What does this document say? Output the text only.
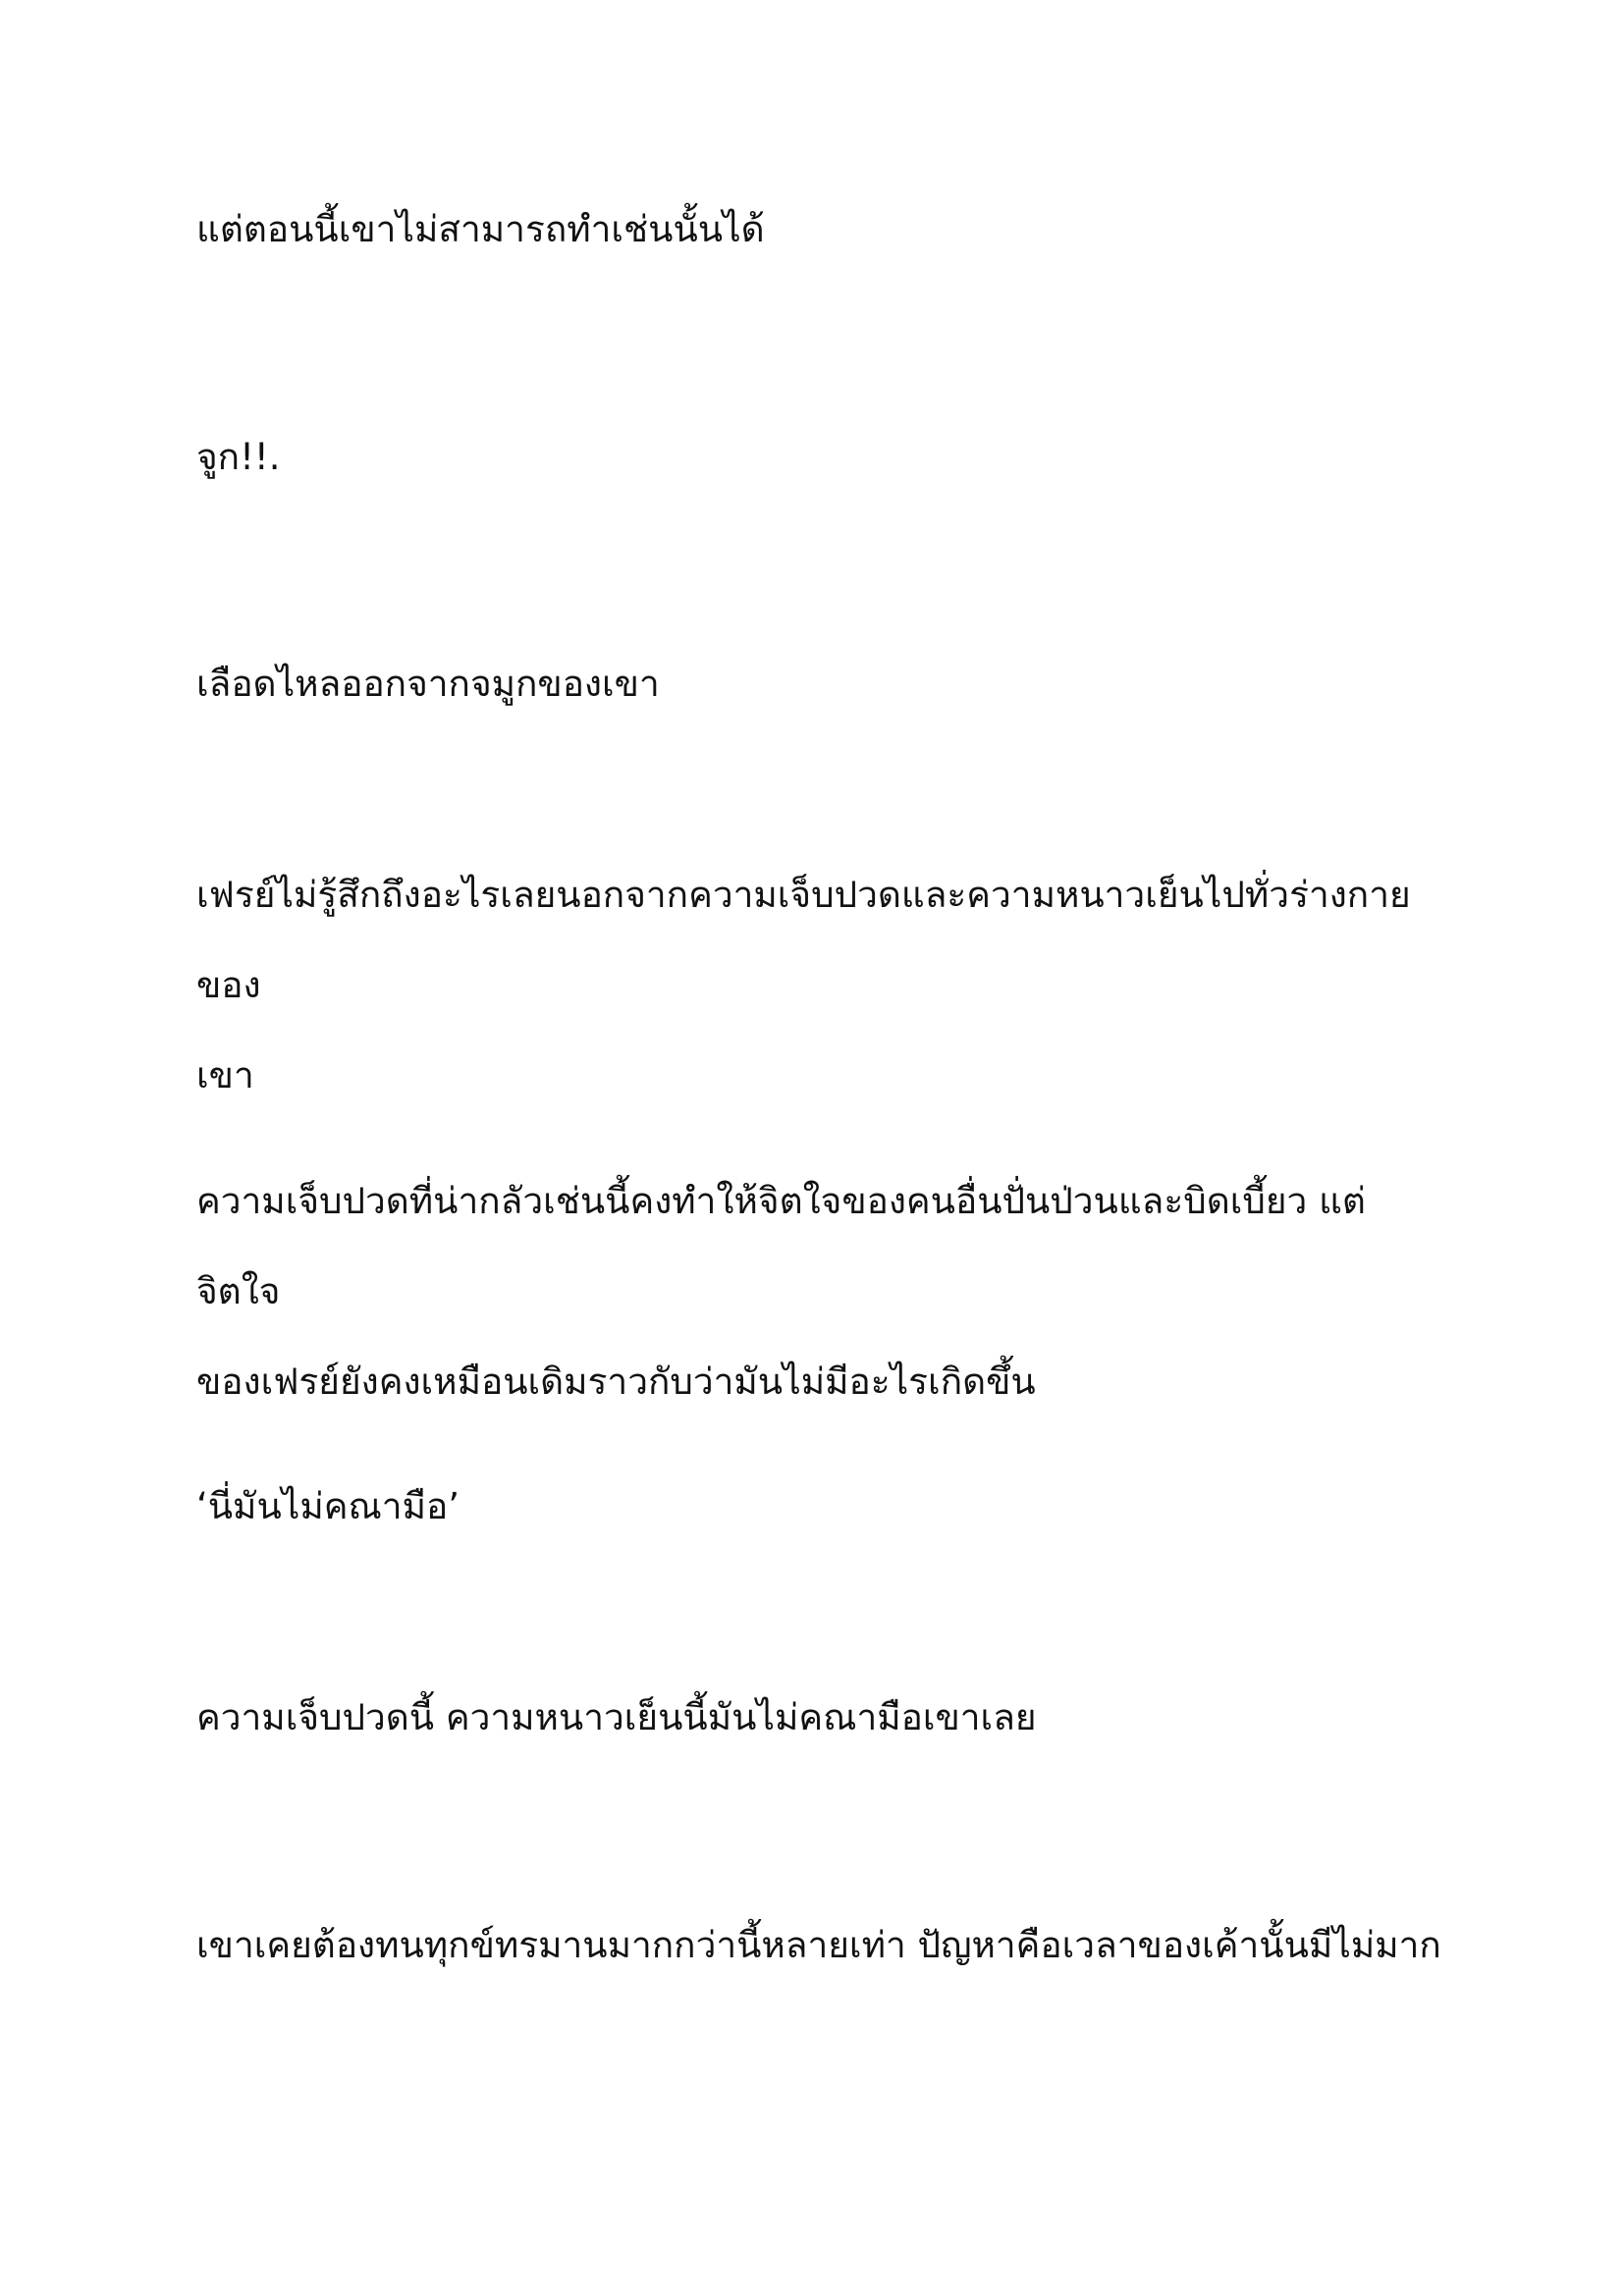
แต่ตอนนี้เขาไม่สามารถทำเช่นนั้นได้

จูก!!.

เลือดไหลออกจากจมูกของเขา

เฟรย์ไม่รู้สึกถึงอะไรเลยนอกจากความเจ็บปวดและความหนาวเย็นไปทั่วร่างกายของ
เขา

ความเจ็บปวดที่น่ากลัวเช่นนี้คงทำให้จิตใจของคนอื่นปั่นป่วนและบิดเบี้ยว แต่จิตใจ
ของเฟรย์ยังคงเหมือนเดิมราวกับว่ามันไม่มีอะไรเกิดขึ้น

‘นี่มันไม่คณามือ’

ความเจ็บปวดนี้ ความหนาวเย็นนี้มันไม่คณามือเขาเลย

เขาเคยต้องทนทุกข์ทรมานมากกว่านี้หลายเท่า ปัญหาคือเวลาของเค้านั้นมีไม่มาก
